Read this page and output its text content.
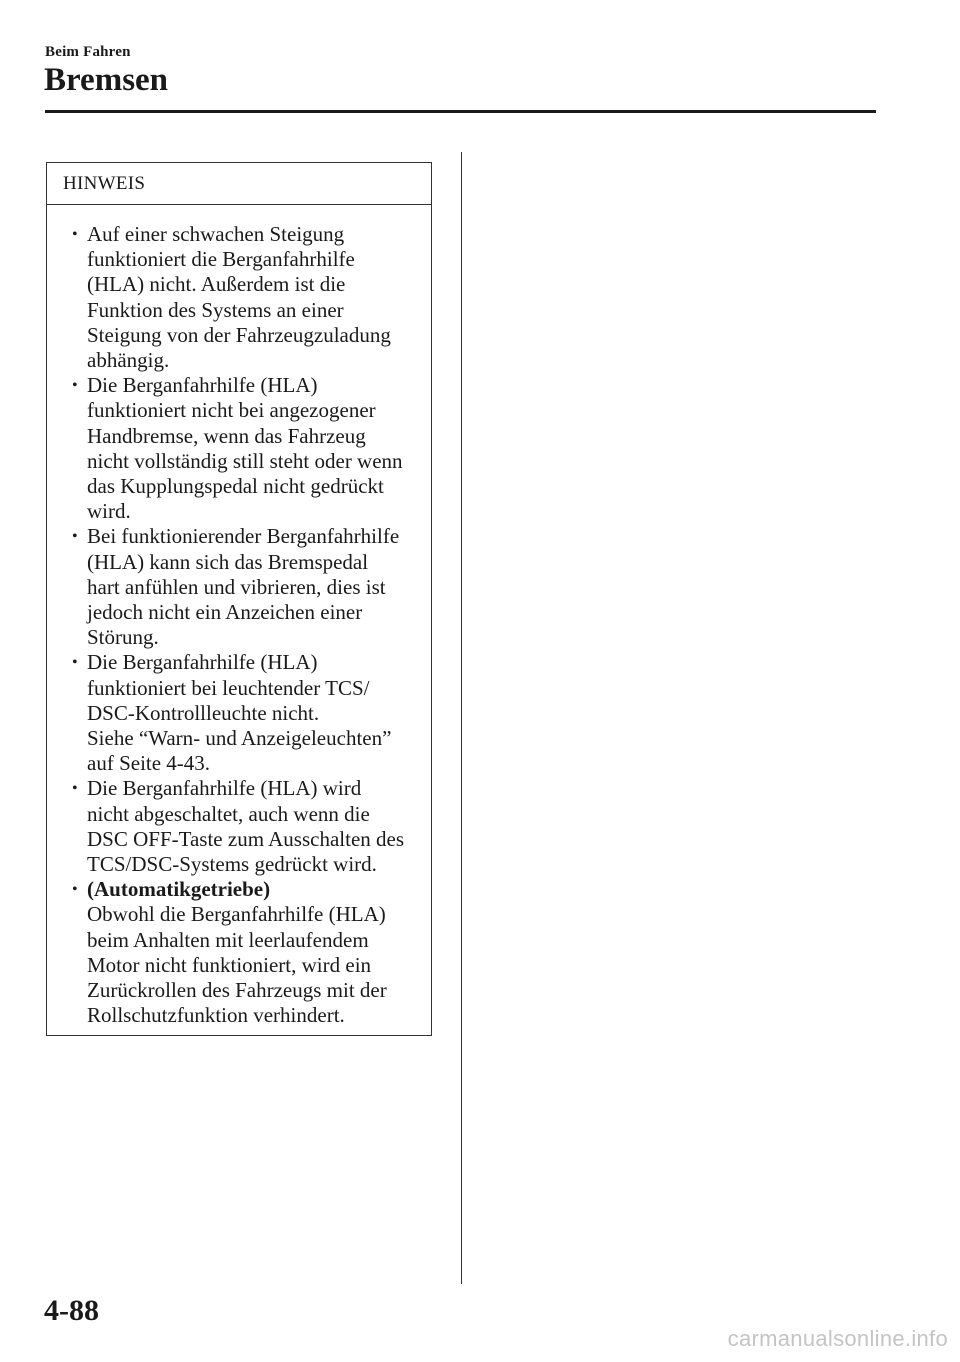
Beim Fahren
Bremsen
HINWEIS
• Auf einer schwachen Steigung
funktioniert die Berganfahrhilfe
(HLA) nicht. Außerdem ist die
Funktion des Systems an einer
Steigung von der Fahrzeugzuladung
abhängig.
• Die Berganfahrhilfe (HLA)
funktioniert nicht bei angezogener
Handbremse, wenn das Fahrzeug
nicht vollständig still steht oder wenn
das Kupplungspedal nicht gedrückt
wird.
• Bei funktionierender Berganfahrhilfe
(HLA) kann sich das Bremspedal
hart anfühlen und vibrieren, dies ist
jedoch nicht ein Anzeichen einer
Störung.
• Die Berganfahrhilfe (HLA)
funktioniert bei leuchtender TCS/
DSC-Kontrollleuchte nicht.
Siehe “Warn- und Anzeigeleuchten”
auf Seite 4-43.
• Die Berganfahrhilfe (HLA) wird
nicht abgeschaltet, auch wenn die
DSC OFF-Taste zum Ausschalten des
TCS/DSC-Systems gedrückt wird.
• (Automatikgetriebe)
Obwohl die Berganfahrhilfe (HLA)
beim Anhalten mit leerlaufendem
Motor nicht funktioniert, wird ein
Zurückrollen des Fahrzeugs mit der
Rollschutzfunktion verhindert.
4-88
carmanualsonline.info
